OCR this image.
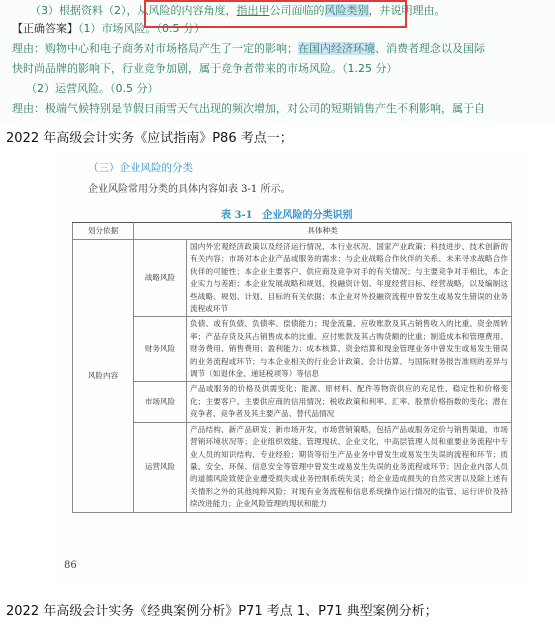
（3）根据资料（2），从风险的内容角度，指出甲公司面临的风险类别，并说明理由。
【正确答案】（1）市场风险。（0.5 分）
理由：购物中心和电子商务对市场格局产生了一定的影响；在国内经济环境、消费者理念以及国际
快时尚品牌的影响下，行业竞争加剧，属于竞争者带来的市场风险。（1.25 分）
（2）运营风险。（0.5 分）
理由：极端气候特别是节假日雨雪天气出现的频次增加，对公司的短期销售产生不利影响，属于自
2022 年高级会计实务《应试指南》P86 考点一；
（三）企业风险的分类
企业风险常用分类的具体内容如表 3-1 所示。
表 3-1　企业风险的分类识别
划分依据	具体种类	
风险内容	战略风险	国内外宏观经济政策以及经济运行情况、本行业状况、国家产业政策；科技进步、技术创新的有关内容；市场对本企业产品或服务的需求；与企业战略合作伙伴的关系、未来寻求战略合作伙伴的可能性；本企业主要客户、供应商及竞争对手的有关情况；与主要竞争对手相比，本企业实力与差距；本企业发展战略和规划、投融资计划、年度经营目标、经营战略，以及编制这些战略、规划、计划、目标的有关依据；本企业对外投融资流程中曾发生或易发生错误的业务流程或环节
	财务风险	负债、或有负债、负债率、偿债能力；现金流量、应收账款及其占销售收入的比重、资金周转率；产品存货及其占销售成本的比重、应付账款及其占购货额的比重；制造成本和管理费用、财务费用、销售费用；盈利能力；成本核算、资金结算和现金管理业务中曾发生或易发生错误的业务流程或环节；与本企业相关的行业会计政策、会计估算、与国际财务报告准则的差异与调节（如退休金、递延税项等）等信息
	市场风险	产品或服务的价格及供需变化；能源、原材料、配件等物资供应的充足性、稳定性和价格变化；主要客户、主要供应商的信用情况；税收政策和利率、汇率、股票价格指数的变化；潜在竞争者、竞争者及其主要产品、替代品情况
	运营风险	产品结构、新产品研发；新市场开发，市场营销策略，包括产品或服务定价与销售渠道，市场营销环境状况等；企业组织效能、管理现状、企业文化，中高层管理人员和重要业务流程中专业人员的知识结构、专业经验；期货等衍生产品业务中曾发生或易发生失误的流程和环节；质量、安全、环保、信息安全等管理中曾发生或易发生失误的业务流程或环节；因企业内部人员的道德风险致使企业遭受损失或业务控制系统失灵；给企业造成损失的自然灾害以及除上述有关情形之外的其他纯粹风险；对现有业务流程和信息系统操作运行情况的监管、运行评价及持续改进能力；企业风险管理的现状和能力
86
2022 年高级会计实务《经典案例分析》P71 考点 1、P71 典型案例分析；
